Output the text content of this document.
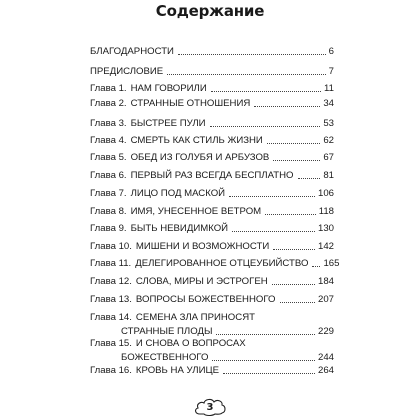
Содержание
БЛАГОДАРНОСТИ	6
ПРЕДИСЛОВИЕ	7
Глава 1. НАМ ГОВОРИЛИ	11
Глава 2. СТРАННЫЕ ОТНОШЕНИЯ	34
Глава 3. БЫСТРЕЕ ПУЛИ	53
Глава 4. СМЕРТЬ КАК СТИЛЬ ЖИЗНИ	62
Глава 5. ОБЕД ИЗ ГОЛУБЯ И АРБУЗОВ	67
Глава 6. ПЕРВЫЙ РАЗ ВСЕГДА БЕСПЛАТНО	81
Глава 7. ЛИЦО ПОД МАСКОЙ	106
Глава 8. ИМЯ, УНЕСЕННОЕ ВЕТРОМ	118
Глава 9. БЫТЬ НЕВИДИМКОЙ	130
Глава 10. МИШЕНИ И ВОЗМОЖНОСТИ	142
Глава 11. ДЕЛЕГИРОВАННОЕ ОТЦЕУБИЙСТВО 165
Глава 12. СЛОВА, МИРЫ И ЭСТРОГЕН	184
Глава 13. ВОПРОСЫ БОЖЕСТВЕННОГО	207
Глава 14. СЕМЕНА ЗЛА ПРИНОСЯТ
СТРАННЫЕ ПЛОДЫ	229
Глава 15. И СНОВА О ВОПРОСАХ
БОЖЕСТВЕННОГО	244
Глава 16. КРОВЬ НА УЛИЦЕ	264
3
